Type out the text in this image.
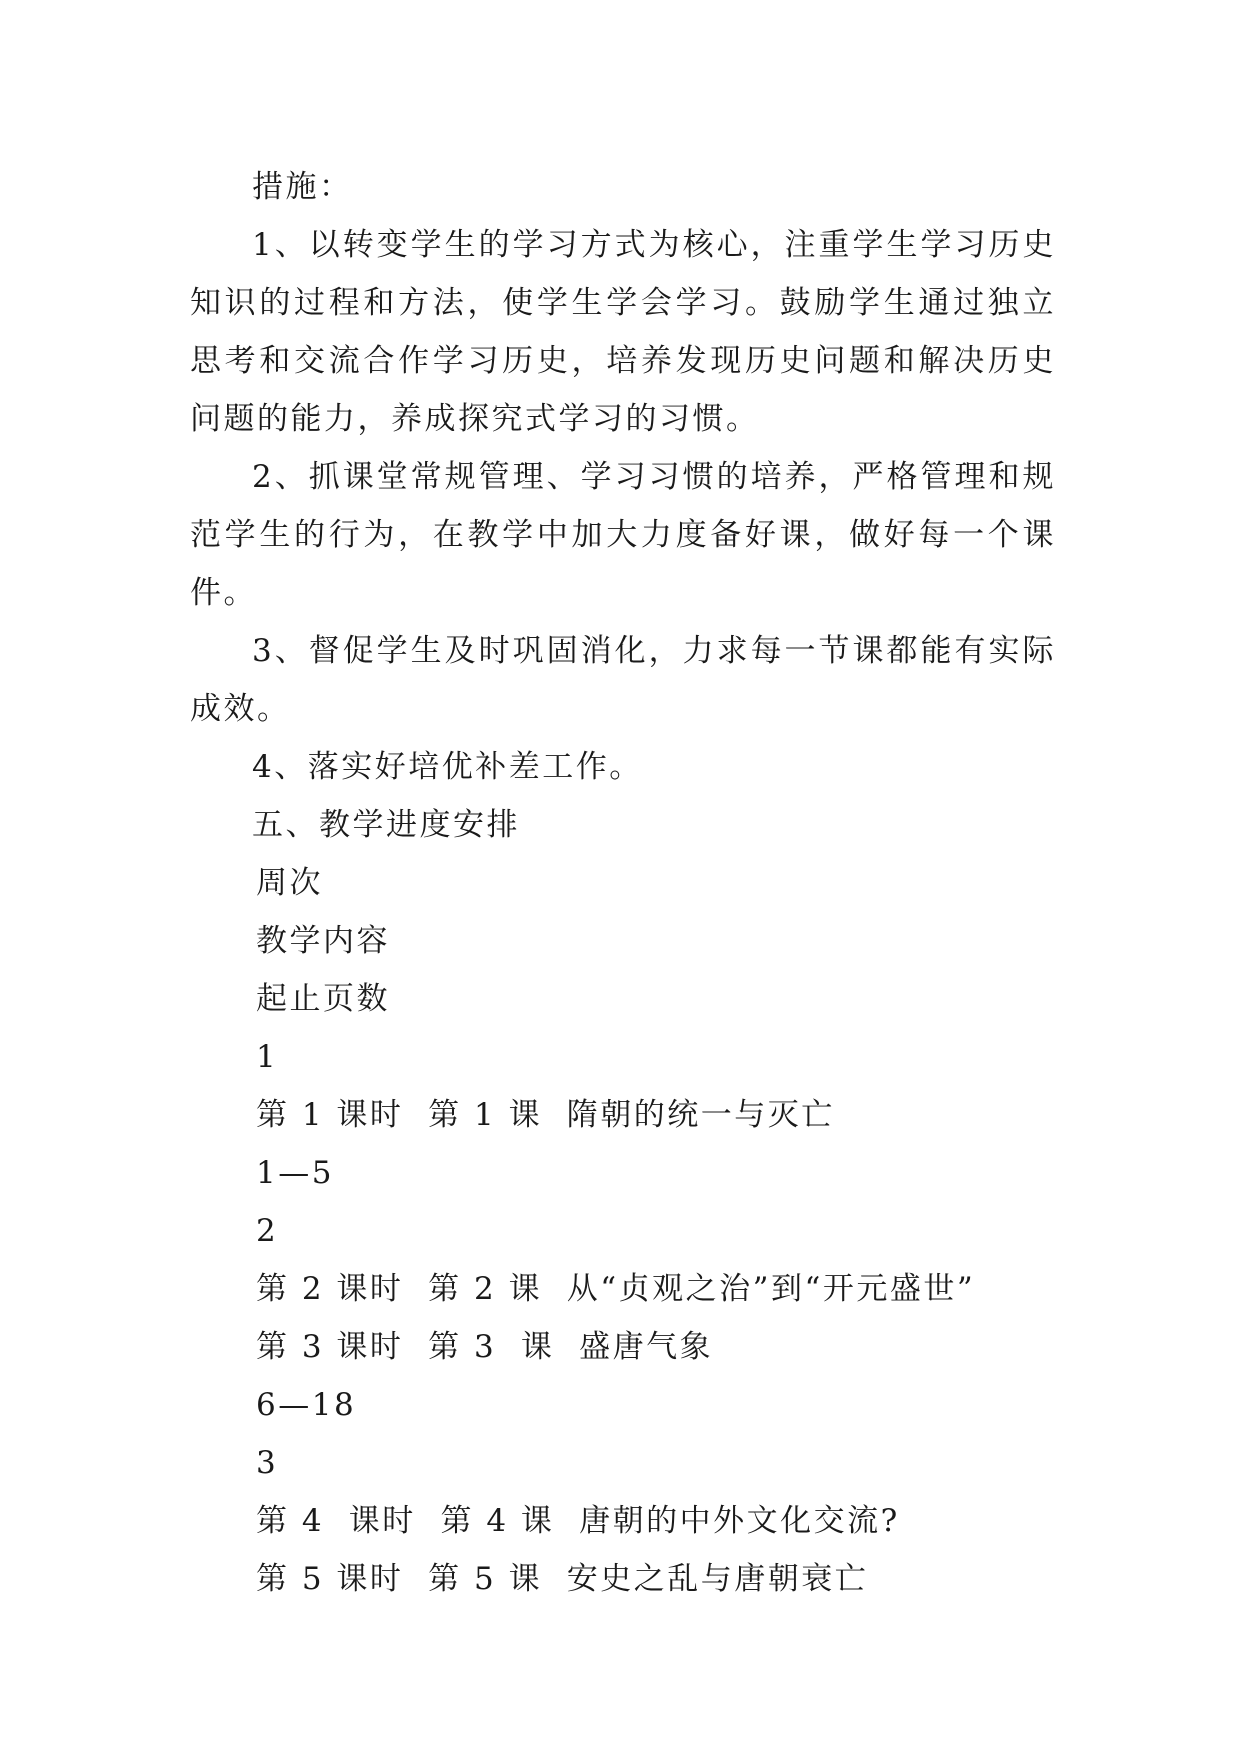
措施：

1、以转变学生的学习方式为核心，注重学生学习历史知识的过程和方法，使学生学会学习。鼓励学生通过独立思考和交流合作学习历史，培养发现历史问题和解决历史问题的能力，养成探究式学习的习惯。

2、抓课堂常规管理、学习习惯的培养，严格管理和规范学生的行为，在教学中加大力度备好课，做好每一个课件。

3、督促学生及时巩固消化，力求每一节课都能有实际成效。

4、落实好培优补差工作。

五、教学进度安排

周次

教学内容

起止页数

1

第 1 课时  第 1 课  隋朝的统一与灭亡

1—5

2

第 2 课时  第 2 课  从“贞观之治”到“开元盛世”

第 3 课时  第 3  课  盛唐气象

6—18

3

第 4  课时  第 4 课  唐朝的中外文化交流?

第 5 课时  第 5 课  安史之乱与唐朝衰亡
